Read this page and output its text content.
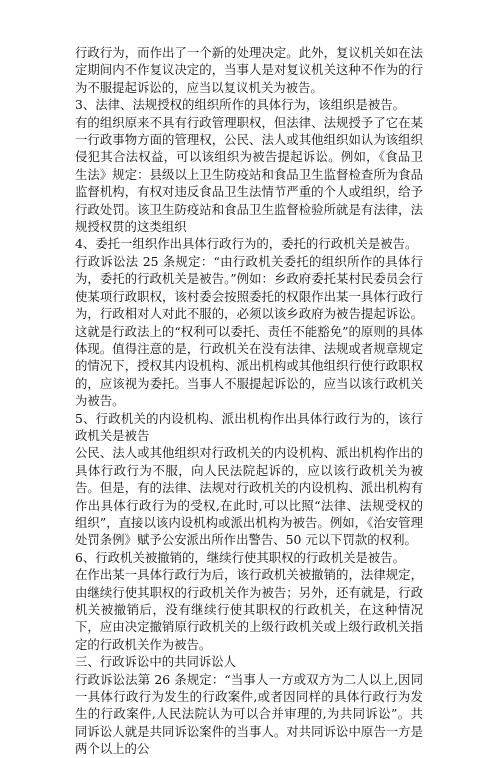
行政行为，而作出了一个新的处理决定。此外，复议机关如在法定期间内不作复议决定的，当事人是对复议机关这种不作为的行为不服提起诉讼的，应当以复议机关为被告。

3、法律、法规授权的组织所作的具体行为，该组织是被告。

有的组织原来不具有行政管理职权，但法律、法规授予了它在某一行政事物方面的管理权，公民、法人或其他组织如认为该组织侵犯其合法权益，可以该组织为被告提起诉讼。例如，《食品卫生法》规定：县级以上卫生防疫站和食品卫生监督检查所为食品监督机构，有权对违反食品卫生法情节严重的个人或组织，给予行政处罚。该卫生防疫站和食品卫生监督检验所就是有法律，法规授权贯的这类组织

4、委托一组织作出具体行政行为的，委托的行政机关是被告。

行政诉讼法 25 条规定：“由行政机关委托的组织所作的具体行为，委托的行政机关是被告。”例如：乡政府委托某村民委员会行使某项行政职权，该村委会按照委托的权限作出某一具体行政行为，行政相对人对此不服的，必须以该乡政府为被告提起诉讼。这就是行政法上的“权利可以委托、责任不能豁免”的原则的具体体现。值得注意的是，行政机关在没有法律、法规或者规章规定的情况下，授权其内设机构、派出机构或其他组织行使行政职权的，应该视为委托。当事人不服提起诉讼的，应当以该行政机关为被告。

5、行政机关的内设机构、派出机构作出具体行政行为的，该行政机关是被告

公民、法人或其他组织对行政机关的内设机构、派出机构作出的具体行政行为不服，向人民法院起诉的，应以该行政机关为被告。但是，有的法律、法规对行政机关的内设机构、派出机构有作出具体行政行为的受权,在此时,可以比照“法律、法规受权的组织”，直接以该内设机构或派出机构为被告。例如，《治安管理处罚条例》赋予公安派出所作出警告、50 元以下罚款的权利。

6、行政机关被撤销的，继续行使其职权的行政机关是被告。

在作出某一具体行政行为后，该行政机关被撤销的，法律规定，由继续行使其职权的行政机关作为被告；另外，还有就是，行政机关被撤销后，没有继续行使其职权的行政机关，在这种情况下，应由决定撤销原行政机关的上级行政机关或上级行政机关指定的行政机关作为被告。

三、行政诉讼中的共同诉讼人

行政诉讼法第 26 条规定：“当事人一方或双方为二人以上,因同一具体行政行为发生的行政案件,或者因同样的具体行政行为发生的行政案件,人民法院认为可以合并审理的,为共同诉讼”。共同诉讼人就是共同诉讼案件的当事人。对共同诉讼中原告一方是两个以上的公
